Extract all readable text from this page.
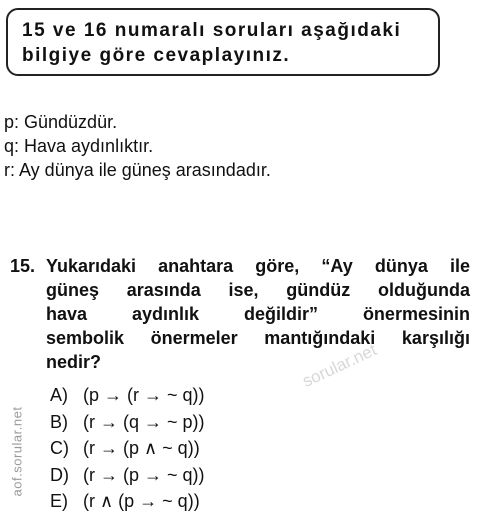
15 ve 16 numaralı soruları aşağıdaki
bilgiye göre cevaplayınız.
p: Gündüzdür.
q: Hava aydınlıktır.
r: Ay dünya ile güneş arasındadır.
15. Yukarıdaki anahtara göre, “Ay dünya ile
güneş arasında ise, gündüz olduğunda
hava aydınlık değildir” önermesinin
sembolik önermeler mantığındaki karşılığı
nedir?
A) (p → (r → ~ q))
B) (r → (q → ~ p))
C) (r → (p ∧ ~ q))
D) (r → (p → ~ q))
E) (r ∧ (p → ~ q))
aof.sorular.net
sorular.net
